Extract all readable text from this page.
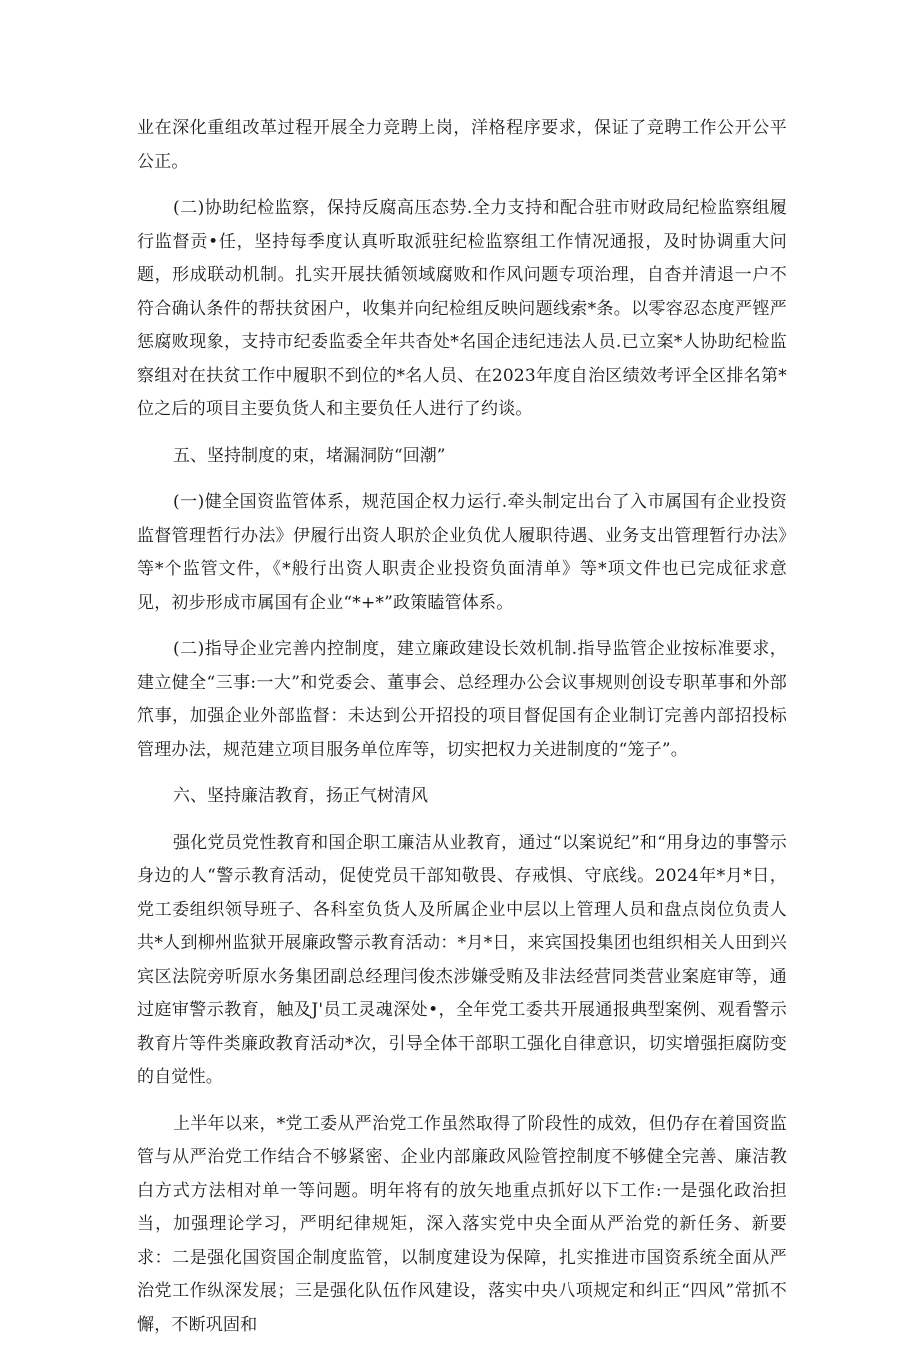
业在深化重组改革过程开展全力竞聘上岗，洋格程序要求，保证了竞聘工作公开公平公正。

(二)协助纪检监察，保持反腐高压态势.全力支持和配合驻市财政局纪检监察组履行监督贡•任，坚持每季度认真听取派驻纪检监察组工作情况通报，及时协调重大问题，形成联动机制。扎实开展扶循领域腐败和作风问题专项治理，自杳并清退一户不符合确认条件的帮扶贫困户，收集并向纪检组反映问题线索*条。以零容忍态度严铿严惩腐败现象，支持市纪委监委全年共杳处*名国企违纪违法人员.已立案*人协助纪检监察组对在扶贫工作中履职不到位的*名人员、在2023年度自治区绩效考评全区排名第*位之后的项目主要负货人和主要负任人进行了约谈。

五、坚持制度的束，堵漏洞防“回潮”

(一)健全国资监管体系，规范国企权力运行.牵头制定出台了入市属国有企业投资监督管理哲行办法》伊履行出资人职於企业负优人履职待遇、业务支出管理暂行办法》等*个监管文件，《*般行出资人职责企业投资负面清单》等*项文件也已完成征求意见，初步形成市属国有企业“*+*”政策瞌管体系。

(二)指导企业完善内控制度，建立廉政建设长效机制.指导监管企业按标准要求，建立健全“三事:一大”和党委会、董事会、总经理办公会议事规则创设专职革事和外部笊事，加强企业外部监督：未达到公开招投的项目督促国有企业制订完善内部招投标管理办法，规范建立项目服务单位库等，切实把权力关进制度的“笼子”。

六、坚持廉洁教育，扬正气树清风

强化党员党性教育和国企职工廉洁从业教育，通过“以案说纪”和“用身边的事警示身边的人“警示教育活动，促使党员干部知敬畏、存戒惧、守底线。2024年*月*日，党工委组织领导班子、各科室负货人及所属企业中层以上管理人员和盘点岗位负责人共*人到柳州监狱开展廉政警示教育活动：*月*日，来宾国投集团也组织相关人田到兴宾区法院旁听原水务集团副总经理闫俊杰涉嫌受贿及非法经营同类营业案庭审等，通过庭审警示教育，触及J'员工灵魂深处•，全年党工委共开展通报典型案例、观看警示教育片等件类廉政教育活动*次，引导全体干部职工强化自律意识，切实增强拒腐防变的自觉性。

上半年以来，*党工委从严治党工作虽然取得了阶段性的成效，但仍存在着国资监管与从严治党工作结合不够紧密、企业内部廉政风险管控制度不够健全完善、廉洁教白方式方法相对单一等问题。明年将有的放矢地重点抓好以下工作:一是强化政治担当，加强理论学习，严明纪律规矩，深入落实党中央全面从严治党的新任务、新要求：二是强化国资国企制度监管，以制度建设为保障，扎实推进市国资系统全面从严治党工作纵深发展；三是强化队伍作风建设，落实中央八项规定和纠正“四风”常抓不懈，不断巩固和
